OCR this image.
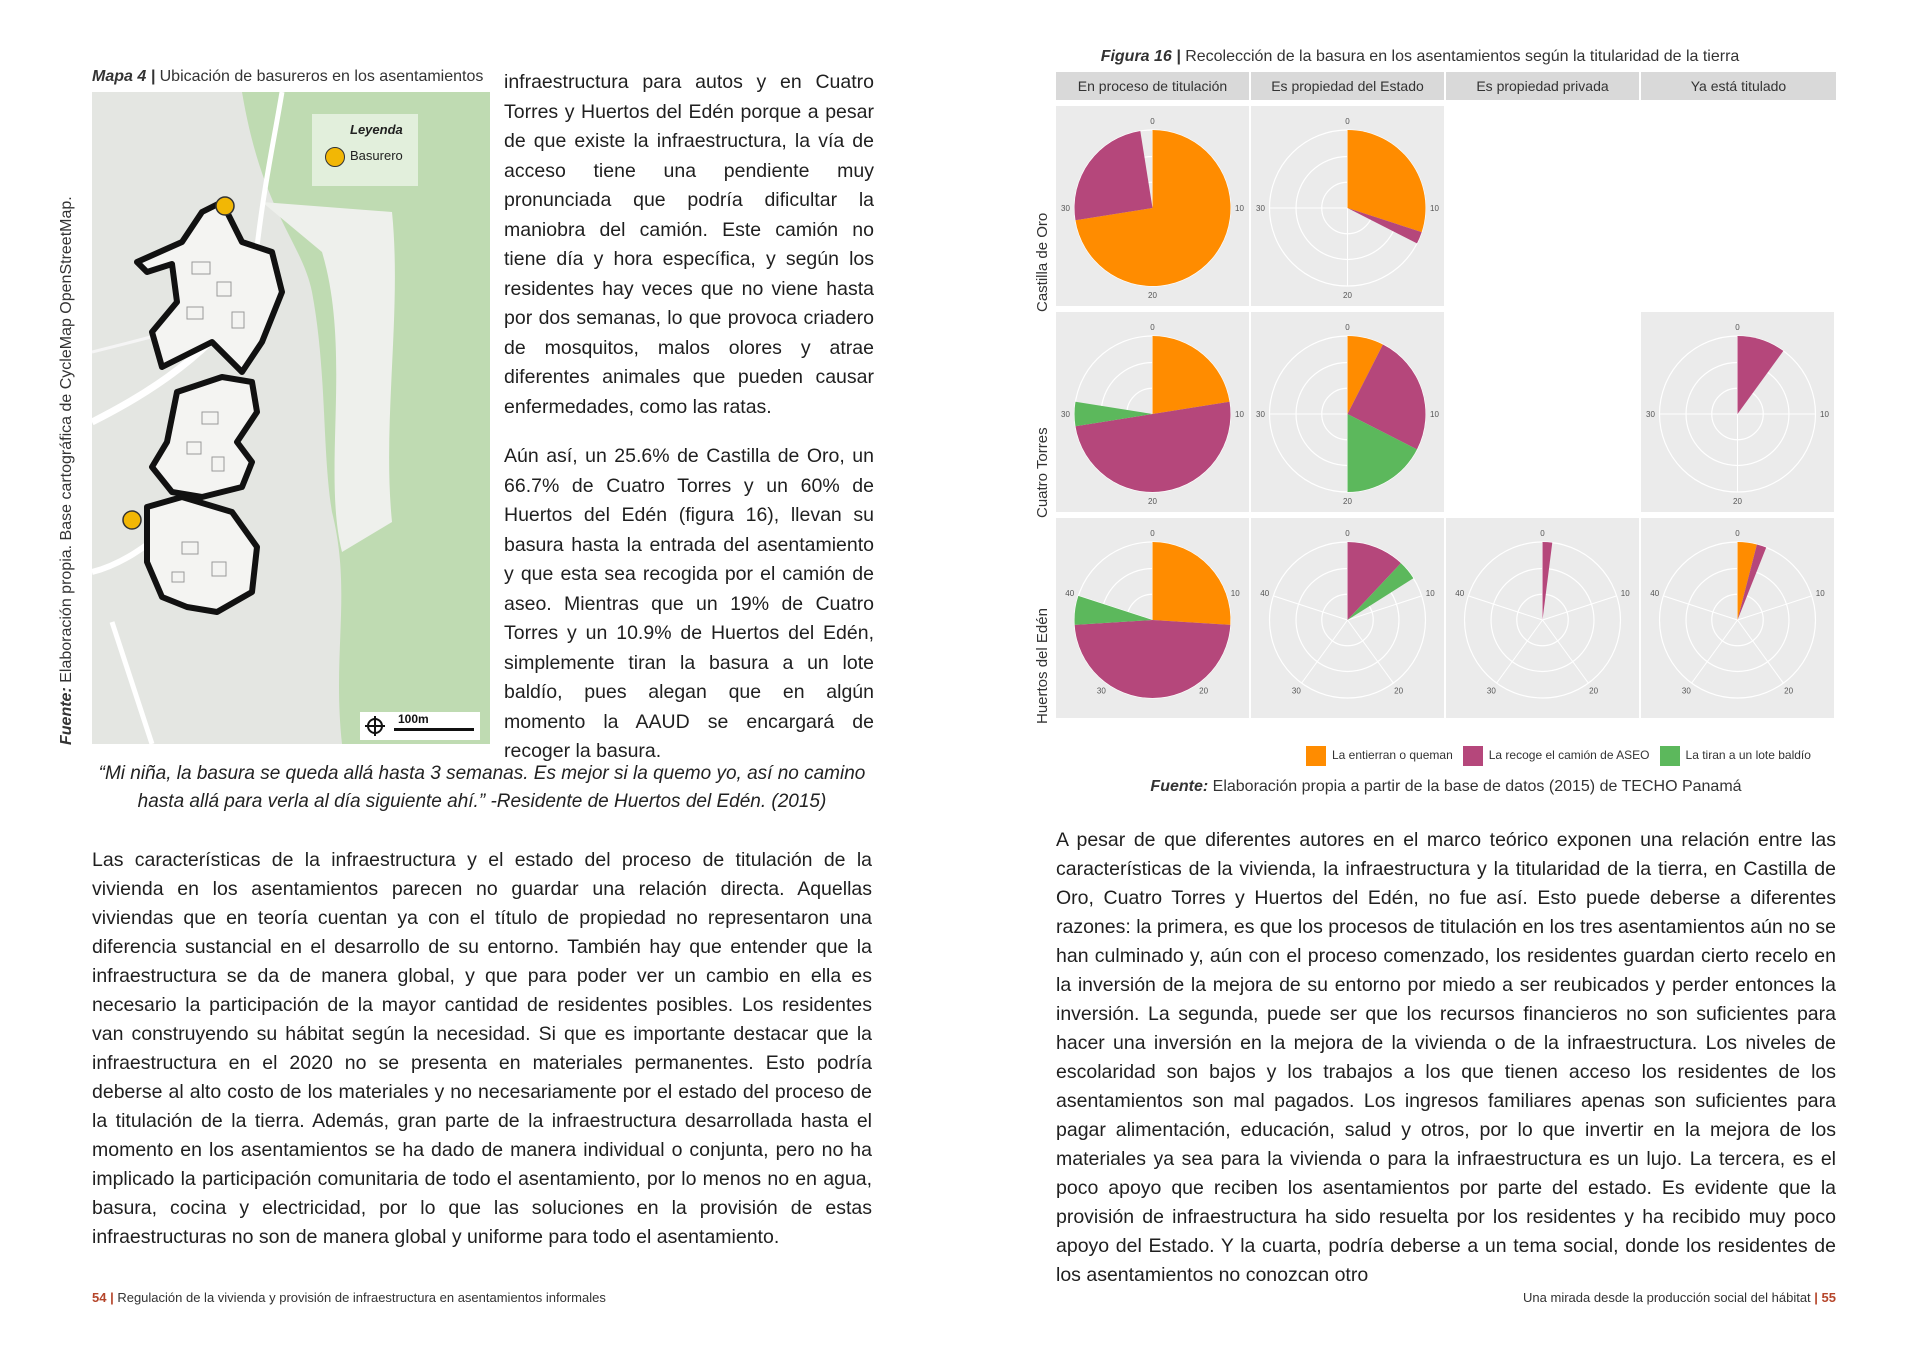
Mapa 4 | Ubicación de basureros en los asentamientos
Leyenda
Basurero
100m
Fuente: Elaboración propia. Base cartográfica de CycleMap OpenStreetMap.

infraestructura para autos y en Cuatro Torres y Huertos del Edén porque a pesar de que existe la infraestructura, la vía de acceso tiene una pendiente muy pronunciada que podría dificultar la maniobra del camión. Este camión no tiene día y hora específica, y según los residentes hay veces que no viene hasta por dos semanas, lo que provoca criadero de mosquitos, malos olores y atrae diferentes animales que pueden causar enfermedades, como las ratas.

Aún así, un 25.6% de Castilla de Oro, un 66.7% de Cuatro Torres y un 60% de Huertos del Edén (figura 16), llevan su basura hasta la entrada del asentamiento y que esta sea recogida por el camión de aseo. Mientras que un 19% de Cuatro Torres y un 10.9% de Huertos del Edén, simplemente tiran la basura a un lote baldío, pues alegan que en algún momento la AAUD se encargará de recoger la basura.

“Mi niña, la basura se queda allá hasta 3 semanas. Es mejor si la quemo yo, así no camino hasta allá para verla al día siguiente ahí.” -Residente de Huertos del Edén. (2015)
Las características de la infraestructura y el estado del proceso de titulación de la vivienda en los asentamientos parecen no guardar una relación directa. Aquellas viviendas que en teoría cuentan ya con el título de propiedad no representaron una diferencia sustancial en el desarrollo de su entorno. También hay que entender que la infraestructura se da de manera global, y que para poder ver un cambio en ella es necesario la participación de la mayor cantidad de residentes posibles. Los residentes van construyendo su hábitat según la necesidad. Si que es importante destacar que la infraestructura en el 2020 no se presenta en materiales permanentes. Esto podría deberse al alto costo de los materiales y no necesariamente por el estado del proceso de la titulación de la tierra. Además, gran parte de la infraestructura desarrollada hasta el momento en los asentamientos se ha dado de manera individual o conjunta, pero no ha implicado la participación comunitaria de todo el asentamiento, por lo menos no en agua, basura, cocina y electricidad, por lo que las soluciones en la provisión de estas infraestructuras no son de manera global y uniforme para todo el asentamiento.
54 | Regulación de la vivienda y provisión de infraestructura en asentamientos informales
Figura 16 | Recolección de la basura en los asentamientos según la titularidad de la tierra
En proceso de titulación	Es propiedad del Estado	Es propiedad privada	Ya está titulado
Castilla de Oro
Cuatro Torres
Huertos del Edén
0
10
20
30
0
10
20
30
0
10
20
30
0
10
20
30
0
10
20
30
0
10
20
30
40
0
10
20
30
40
0
10
20
30
40
0
10
20
30
40
La entierran o queman	La recoge el camión de ASEO	La tiran a un lote baldío
Fuente: Elaboración propia a partir de la base de datos (2015) de TECHO Panamá
A pesar de que diferentes autores en el marco teórico exponen una relación entre las características de la vivienda, la infraestructura y la titularidad de la tierra, en Castilla de Oro, Cuatro Torres y Huertos del Edén, no fue así. Esto puede deberse a diferentes razones: la primera, es que los procesos de titulación en los tres asentamientos aún no se han culminado y, aún con el proceso comenzado, los residentes guardan cierto recelo en la inversión de la mejora de su entorno por miedo a ser reubicados y perder entonces la inversión. La segunda, puede ser que los recursos financieros no son suficientes para hacer una inversión en la mejora de la vivienda o de la infraestructura. Los niveles de escolaridad son bajos y los trabajos a los que tienen acceso los residentes de los asentamientos son mal pagados. Los ingresos familiares apenas son suficientes para pagar alimentación, educación, salud y otros, por lo que invertir en la mejora de los materiales ya sea para la vivienda o para la infraestructura es un lujo. La tercera, es el poco apoyo que reciben los asentamientos por parte del estado. Es evidente que la provisión de infraestructura ha sido resuelta por los residentes y ha recibido muy poco apoyo del Estado. Y la cuarta, podría deberse a un tema social, donde los residentes de los asentamientos no conozcan otro
Una mirada desde la producción social del hábitat | 55
